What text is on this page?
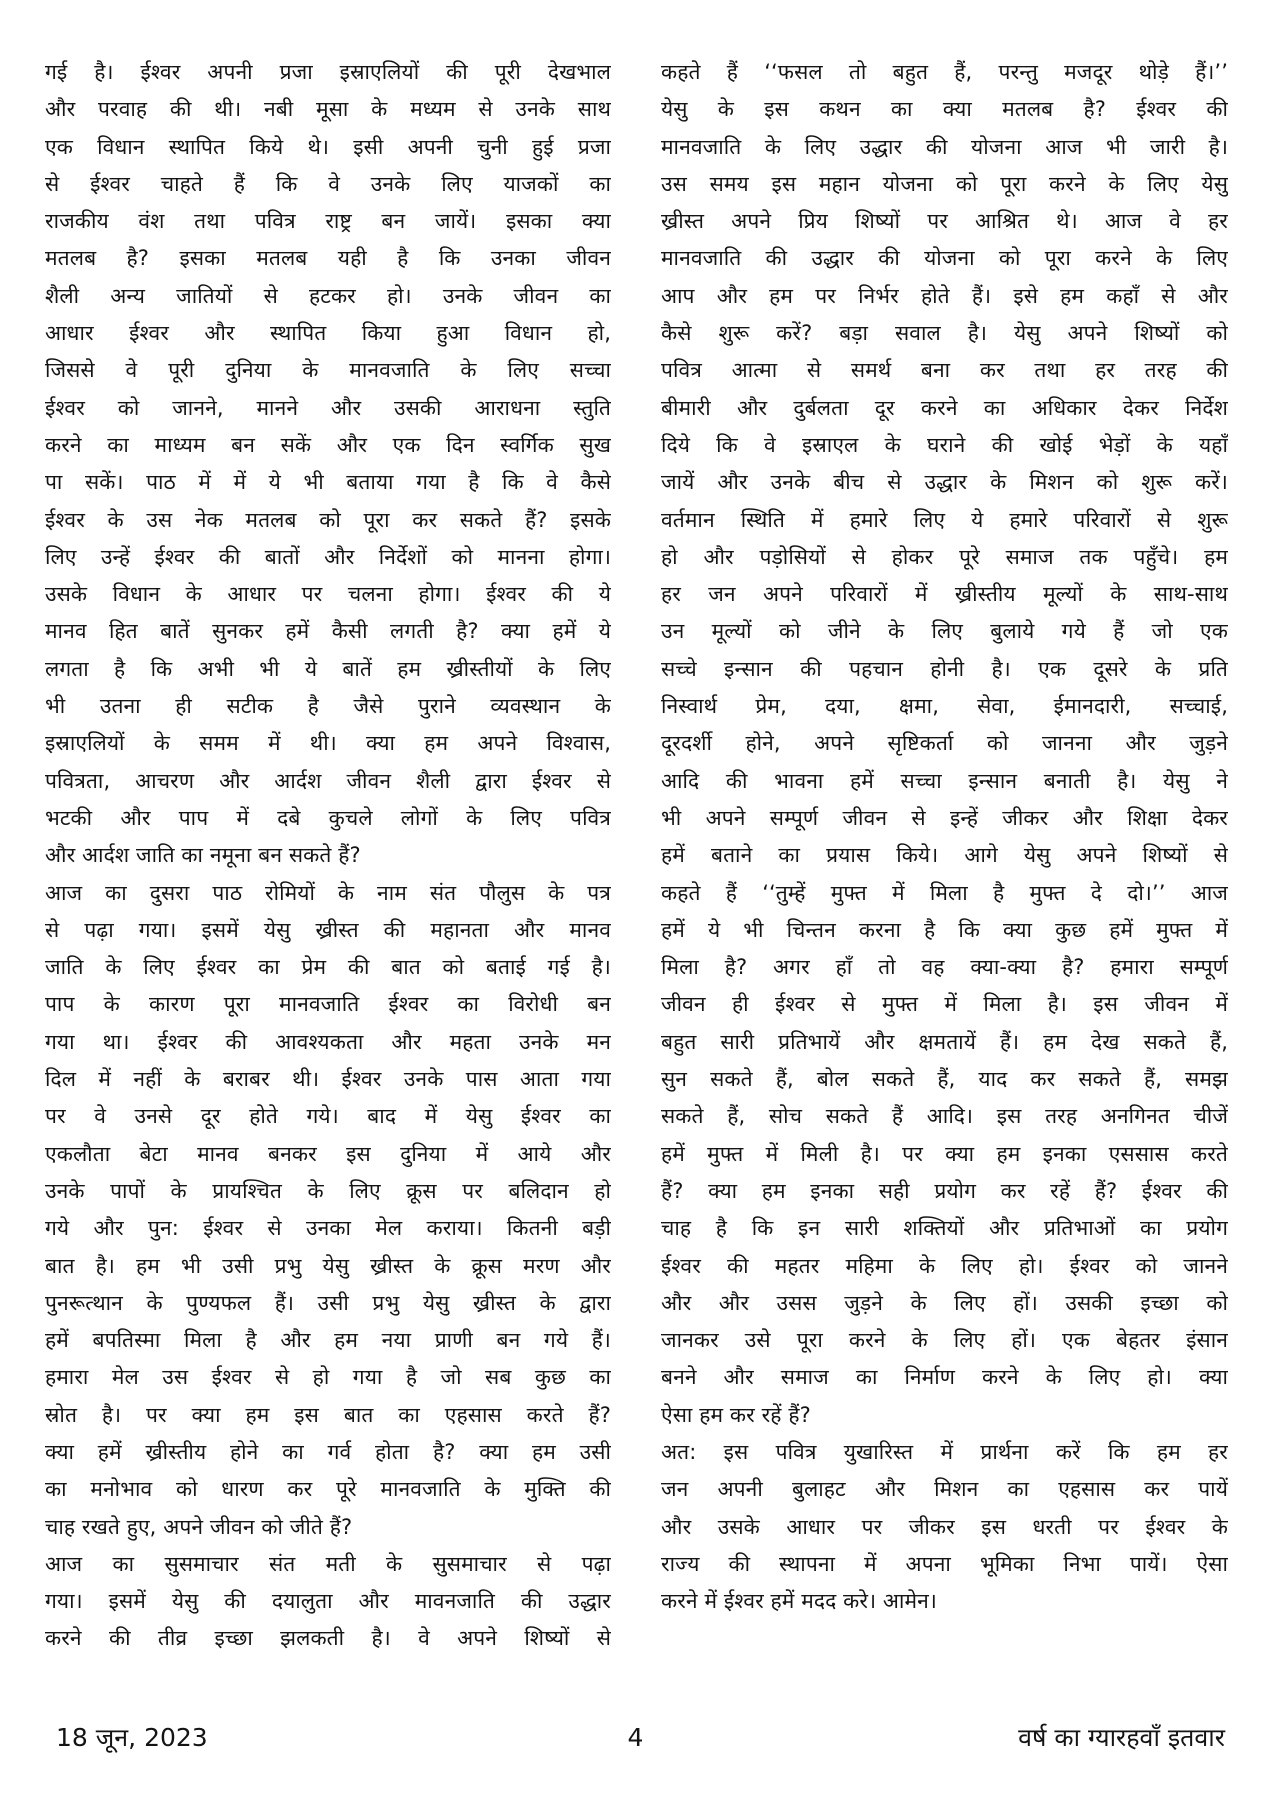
गई है। ईश्वर अपनी प्रजा इस्राएलियों की पूरी देखभाल
और परवाह की थी। नबी मूसा के मध्यम से उनके साथ
एक विधान स्थापित किये थे। इसी अपनी चुनी हुई प्रजा
से ईश्वर चाहते हैं कि वे उनके लिए याजकों का
राजकीय वंश तथा पवित्र राष्ट्र बन जायें। इसका क्या
मतलब है? इसका मतलब यही है कि उनका जीवन
शैली अन्य जातियों से हटकर हो। उनके जीवन का
आधार ईश्वर और स्थापित किया हुआ विधान हो,
जिससे वे पूरी दुनिया के मानवजाति के लिए सच्चा
ईश्वर को जानने, मानने और उसकी आराधना स्तुति
करने का माध्यम बन सकें और एक दिन स्वर्गिक सुख
पा सकें। पाठ में में ये भी बताया गया है कि वे कैसे
ईश्वर के उस नेक मतलब को पूरा कर सकते हैं? इसके
लिए उन्हें ईश्वर की बातों और निर्देशों को मानना होगा।
उसके विधान के आधार पर चलना होगा। ईश्वर की ये
मानव हित बातें सुनकर हमें कैसी लगती है? क्या हमें ये
लगता है कि अभी भी ये बातें हम ख्रीस्तीयों के लिए
भी उतना ही सटीक है जैसे पुराने व्यवस्थान के
इस्राएलियों के समम में थी। क्या हम अपने विश्वास,
पवित्रता, आचरण और आर्दश जीवन शैली द्वारा ईश्वर से
भटकी और पाप में दबे कुचले लोगों के लिए पवित्र
और आर्दश जाति का नमूना बन सकते हैं?
आज का दुसरा पाठ रोमियों के नाम संत पौलुस के पत्र
से पढ़ा गया। इसमें येसु ख्रीस्त की महानता और मानव
जाति के लिए ईश्वर का प्रेम की बात को बताई गई है।
पाप के कारण पूरा मानवजाति ईश्वर का विरोधी बन
गया था। ईश्वर की आवश्यकता और महता उनके मन
दिल में नहीं के बराबर थी। ईश्वर उनके पास आता गया
पर वे उनसे दूर होते गये। बाद में येसु ईश्वर का
एकलौता बेटा मानव बनकर इस दुनिया में आये और
उनके पापों के प्रायश्चित के लिए क्रूस पर बलिदान हो
गये और पुन: ईश्वर से उनका मेल कराया। कितनी बड़ी
बात है। हम भी उसी प्रभु येसु ख्रीस्त के क्रूस मरण और
पुनरूत्थान के पुण्यफल हैं। उसी प्रभु येसु ख्रीस्त के द्वारा
हमें बपतिस्मा मिला है और हम नया प्राणी बन गये हैं।
हमारा मेल उस ईश्वर से हो गया है जो सब कुछ का
स्रोत है। पर क्या हम इस बात का एहसास करते हैं?
क्या हमें ख्रीस्तीय होने का गर्व होता है? क्या हम उसी
का मनोभाव को धारण कर पूरे मानवजाति के मुक्ति की
चाह रखते हुए, अपने जीवन को जीते हैं?
आज का सुसमाचार संत मती के सुसमाचार से पढ़ा
गया। इसमें येसु की दयालुता और मावनजाति की उद्धार
करने की तीव्र इच्छा झलकती है। वे अपने शिष्यों से
कहते हैं ‘‘फसल तो बहुत हैं, परन्तु मजदूर थोड़े हैं।’’
येसु के इस कथन का क्या मतलब है? ईश्वर की
मानवजाति के लिए उद्धार की योजना आज भी जारी है।
उस समय इस महान योजना को पूरा करने के लिए येसु
ख्रीस्त अपने प्रिय शिष्यों पर आश्रित थे। आज वे हर
मानवजाति की उद्धार की योजना को पूरा करने के लिए
आप और हम पर निर्भर होते हैं। इसे हम कहाँ से और
कैसे शुरू करें? बड़ा सवाल है। येसु अपने शिष्यों को
पवित्र आत्मा से समर्थ बना कर तथा हर तरह की
बीमारी और दुर्बलता दूर करने का अधिकार देकर निर्देश
दिये कि वे इस्राएल के घराने की खोई भेड़ों के यहाँ
जायें और उनके बीच से उद्धार के मिशन को शुरू करें।
वर्तमान स्थिति में हमारे लिए ये हमारे परिवारों से शुरू
हो और पड़ोसियों से होकर पूरे समाज तक पहुँचे। हम
हर जन अपने परिवारों में ख्रीस्तीय मूल्यों के साथ-साथ
उन मूल्यों को जीने के लिए बुलाये गये हैं जो एक
सच्चे इन्सान की पहचान होनी है। एक दूसरे के प्रति
निस्वार्थ प्रेम, दया, क्षमा, सेवा, ईमानदारी, सच्चाई,
दूरदर्शी होने, अपने सृष्टिकर्ता को जानना और जुड़ने
आदि की भावना हमें सच्चा इन्सान बनाती है। येसु ने
भी अपने सम्पूर्ण जीवन से इन्हें जीकर और शिक्षा देकर
हमें बताने का प्रयास किये। आगे येसु अपने शिष्यों से
कहते हैं ‘‘तुम्हें मुफ्त में मिला है मुफ्त दे दो।’’ आज
हमें ये भी चिन्तन करना है कि क्या कुछ हमें मुफ्त में
मिला है? अगर हाँ तो वह क्या-क्या है? हमारा सम्पूर्ण
जीवन ही ईश्वर से मुफ्त में मिला है। इस जीवन में
बहुत सारी प्रतिभायें और क्षमतायें हैं। हम देख सकते हैं,
सुन सकते हैं, बोल सकते हैं, याद कर सकते हैं, समझ
सकते हैं, सोच सकते हैं आदि। इस तरह अनगिनत चीजें
हमें मुफ्त में मिली है। पर क्या हम इनका एससास करते
हैं? क्या हम इनका सही प्रयोग कर रहें हैं? ईश्वर की
चाह है कि इन सारी शक्तियों और प्रतिभाओं का प्रयोग
ईश्वर की महतर महिमा के लिए हो। ईश्वर को जानने
और और उसस जुड़ने के लिए हों। उसकी इच्छा को
जानकर उसे पूरा करने के लिए हों। एक बेहतर इंसान
बनने और समाज का निर्माण करने के लिए हो। क्या
ऐसा हम कर रहें हैं?
अत: इस पवित्र युखारिस्त में प्रार्थना करें कि हम हर
जन अपनी बुलाहट और मिशन का एहसास कर पायें
और उसके आधार पर जीकर इस धरती पर ईश्वर के
राज्य की स्थापना में अपना भूमिका निभा पायें। ऐसा
करने में ईश्वर हमें मदद करे। आमेन।
18 जून, 2023	4	वर्ष का ग्यारहवाँ इतवार
